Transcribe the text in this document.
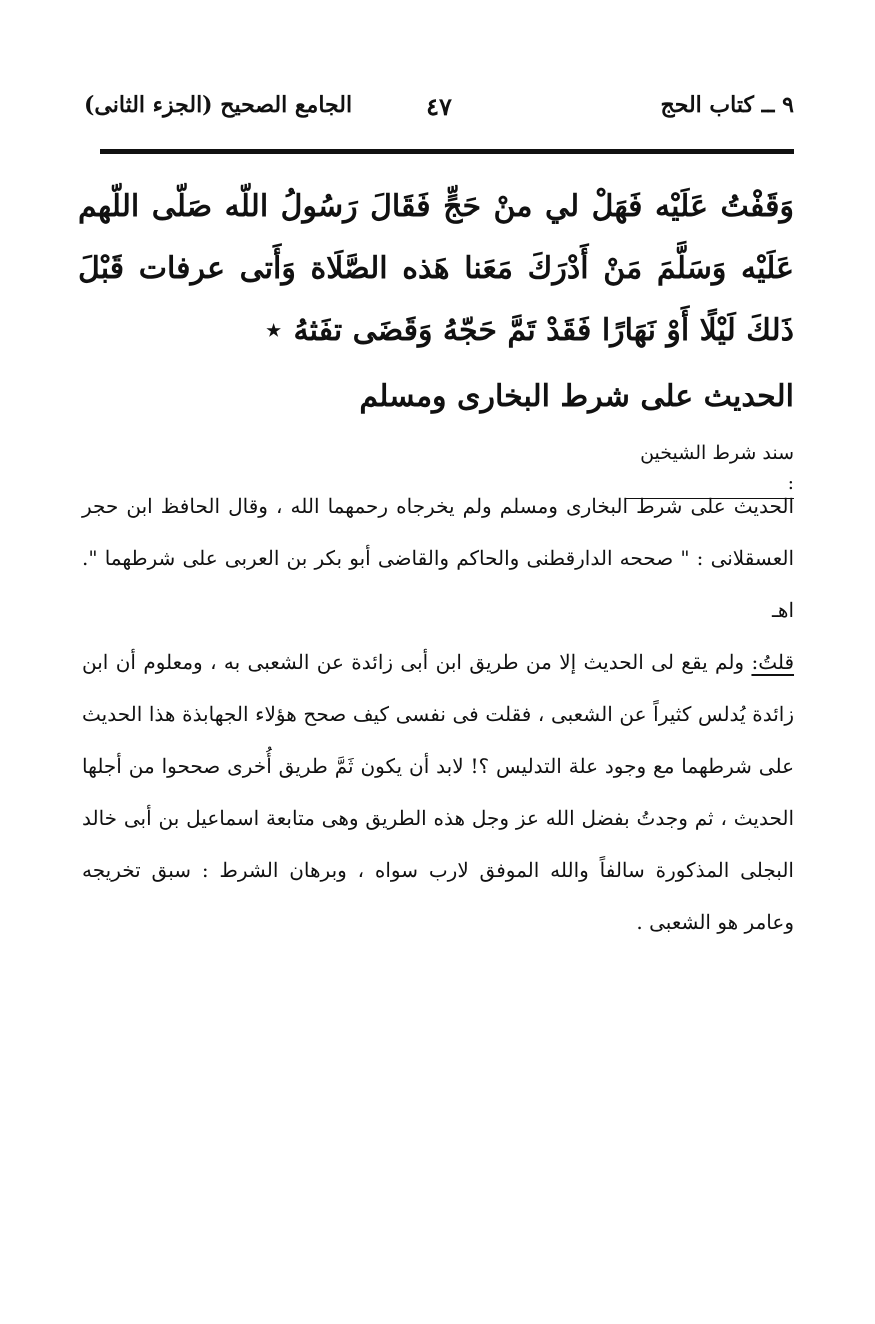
٩ ــ كتاب الحج
٤٧
الجامع الصحيح (الجزء الثانى)
وَقَفْتُ عَلَيْه فَهَلْ لي منْ حَجٍّ فَقَالَ رَسُولُ اللّه صَلّى اللّهم عَلَيْه وَسَلَّمَ مَنْ أَدْرَكَ مَعَنا هَذه الصَّلَاة وَأَتى عرفات قَبْلَ ذَلكَ لَيْلًا أَوْ نَهَارًا فَقَدْ تَمَّ حَجّهُ وَقَضَى تفَثهُ ⋆
الحديث على شرط البخارى ومسلم
سند شرط الشيخين :
الحديث على شرط البخارى ومسلم ولم يخرجاه رحمهما الله ، وقال الحافظ ابن حجر العسقلانى : " صححه الدارقطنى والحاكم والقاضى أبو بكر بن العربى على شرطهما ". اهـ
قلتُ: ولم يقع لى الحديث إلا من طريق ابن أبى زائدة عن الشعبى به ، ومعلوم أن ابن زائدة يُدلس كثيراً عن الشعبى ، فقلت فى نفسى كيف صحح هؤلاء الجهابذة هذا الحديث على شرطهما مع وجود علة التدليس ؟! لابد أن يكون ثَمَّ طريق أُخرى صححوا من أجلها الحديث ، ثم وجدتُ بفضل الله عز وجل هذه الطريق وهى متابعة اسماعيل بن أبى خالد البجلى المذكورة سالفاً والله الموفق لارب سواه ، وبرهان الشرط : سبق تخريجه وعامر هو الشعبى .
